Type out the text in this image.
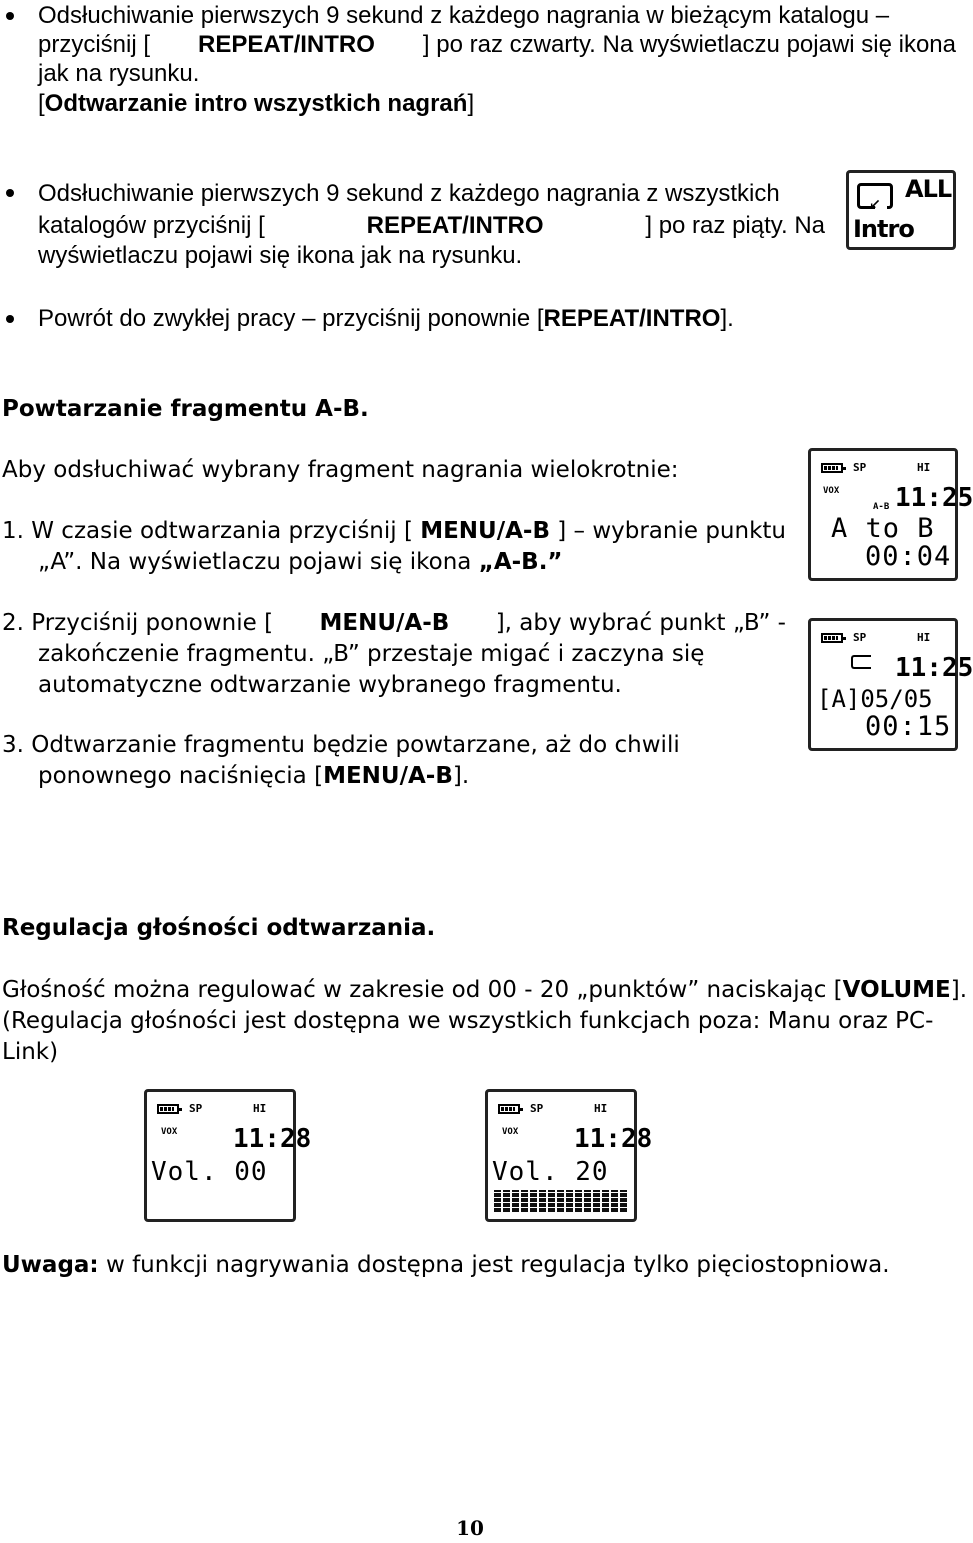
Odsłuchiwanie pierwszych 9 sekund z każdego nagrania w bieżącym katalogu –
przyciśnij [ REPEAT/INTRO ] po raz czwarty. Na wyświetlaczu pojawi się ikona
jak na rysunku.
[Odtwarzanie intro wszystkich nagrań]
Odsłuchiwanie pierwszych 9 sekund z każdego nagrania z wszystkich
katalogów przyciśnij [	REPEAT/INTRO	] po raz piąty. Na
wyświetlaczu pojawi się ikona jak na rysunku.
↙
ALL
Intro
Powrót do zwykłej pracy – przyciśnij ponownie [REPEAT/INTRO].
Powtarzanie fragmentu A-B.
Aby odsłuchiwać wybrany fragment nagrania wielokrotnie:
1. W czasie odtwarzania przyciśnij [ MENU/A-B ] – wybranie punktu
„A”. Na wyświetlaczu pojawi się ikona „A-B.”
2. Przyciśnij ponownie [ MENU/A-B ], aby wybrać punkt „B” -
zakończenie fragmentu. „B” przestaje migać i zaczyna się
automatyczne odtwarzanie wybranego fragmentu.
3. Odtwarzanie fragmentu będzie powtarzane, aż do chwili
ponownego naciśnięcia [MENU/A-B].
SP	HI
VOX
A-B 11:25
A to B
00:04
SP	HI
11:25
[A]05/05
00:15
Regulacja głośności odtwarzania.
Głośność można regulować w zakresie od 00 - 20 „punktów” naciskając [VOLUME].
(Regulacja głośności jest dostępna we wszystkich funkcjach poza: Manu oraz PC-
Link)
SP	HI
VOX 11:28
Vol. 00
SP	HI
VOX 11:28
Vol. 20
Uwaga: w funkcji nagrywania dostępna jest regulacja tylko pięciostopniowa.
10
